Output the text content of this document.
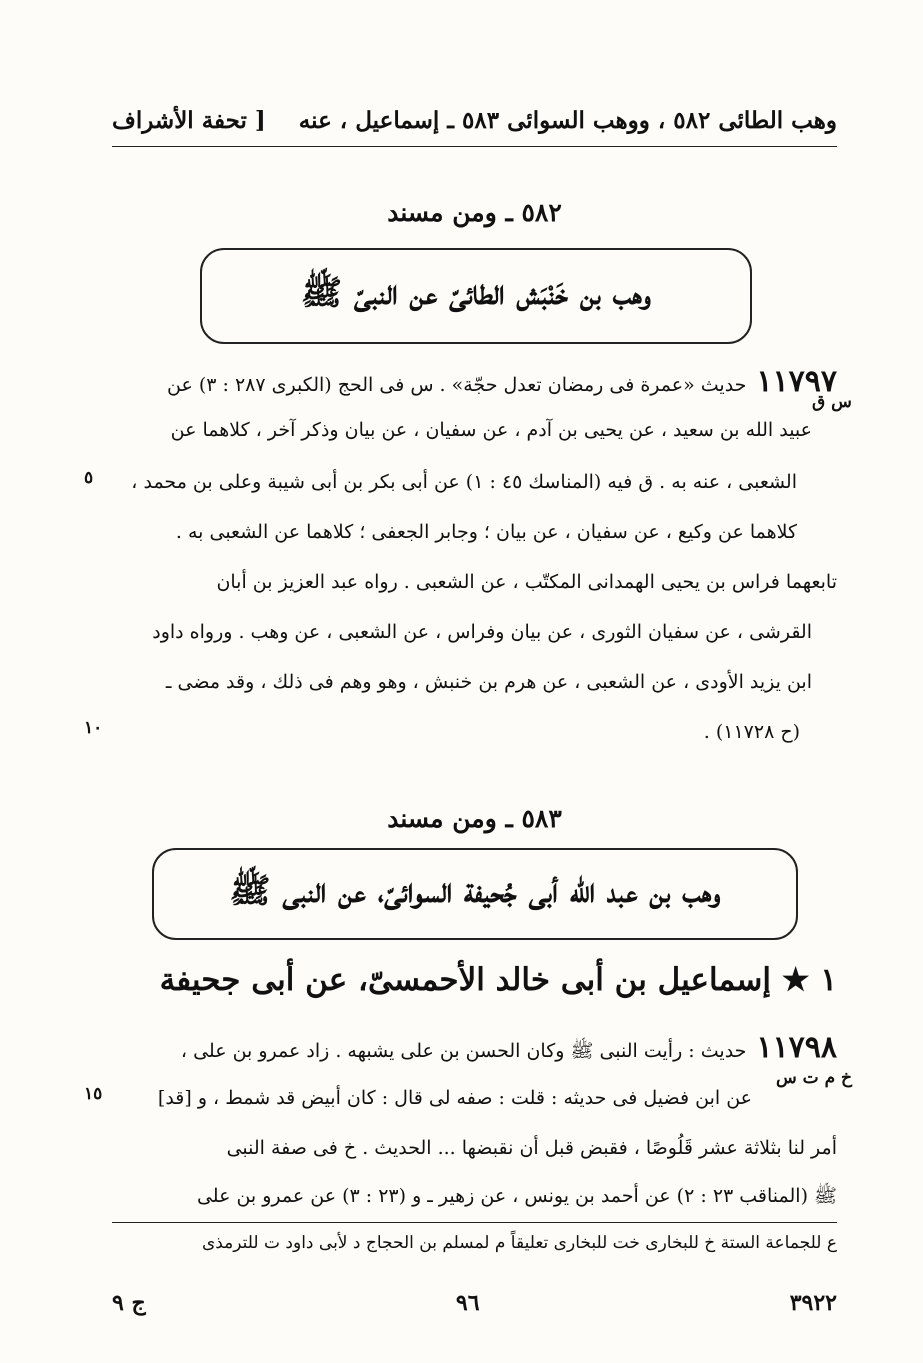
[ تحفة الأشراف وهب الطائى ٥٨٢ ، ووهب السوائى ٥٨٣ ـ إسماعيل ، عنه
٥٨٢ ـ ومن مسند
وهب بن خَنْبَش الطائىّ عن النبىّ ﷺ
١١٧٩٧حديث «عمرة فى رمضان تعدل حجّة» . س فى الحج (الكبرى ٢٨٧ : ٣) عن
س ق
عبيد الله بن سعيد ، عن يحيى بن آدم ، عن سفيان ، عن بيان وذكر آخر ، كلاهما عن
الشعبى ، عنه به . ق فيه (المناسك ٤٥ : ١) عن أبى بكر بن أبى شيبة وعلى بن محمد ،
٥
كلاهما عن وكيع ، عن سفيان ، عن بيان ؛ وجابر الجعفى ؛ كلاهما عن الشعبى به .
تابعهما فراس بن يحيى الهمدانى المكتّب ، عن الشعبى . رواه عبد العزيز بن أبان
القرشى ، عن سفيان الثورى ، عن بيان وفراس ، عن الشعبى ، عن وهب . ورواه داود
ابن يزيد الأودى ، عن الشعبى ، عن هرم بن خنبش ، وهو وهم فى ذلك ، وقد مضى ـ
(ح ١١٧٢٨) .
١٠
٥٨٣ ـ ومن مسند
وهب بن عبد الله أبى جُحيفة السوائىّ، عن النبى ﷺ
١ ★ إسماعيل بن أبى خالد الأحمسىّ، عن أبى جحيفة
١١٧٩٨حديث : رأيت النبى ﷺ وكان الحسن بن على يشبهه . زاد عمرو بن على ،
خ م ت س
عن ابن فضيل فى حديثه : قلت : صفه لى قال : كان أبيض قد شمط ، و [قد]
١٥
أمر لنا بثلاثة عشر قَلُوصًا ، فقبض قبل أن نقبضها ... الحديث . خ فى صفة النبى
ﷺ (المناقب ٢٣ : ٢) عن أحمد بن يونس ، عن زهير ـ و (٢٣ : ٣) عن عمرو بن على
ع للجماعة الستة خ للبخارى خت للبخارى تعليقاً م لمسلم بن الحجاج د لأبى داود ت للترمذى
ج ٩	٩٦	٣٩٢٢
